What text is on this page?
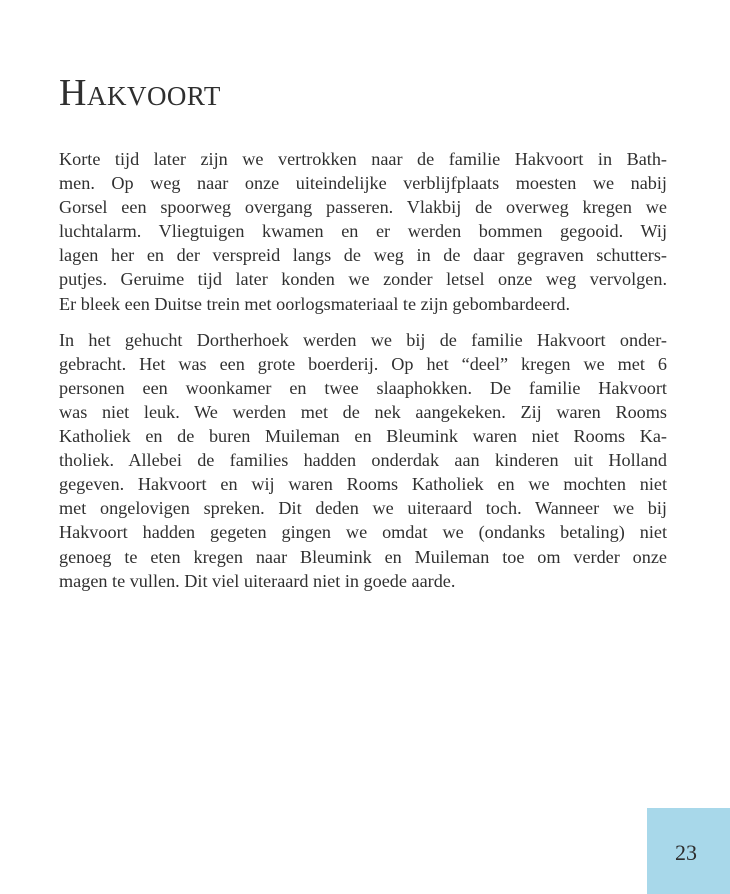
Hakvoort

Korte tijd later zijn we vertrokken naar de familie Hakvoort in Bath-
men. Op weg naar onze uiteindelijke verblijfplaats moesten we nabij
Gorsel een spoorweg overgang passeren. Vlakbij de overweg kregen we
luchtalarm. Vliegtuigen kwamen en er werden bommen gegooid. Wij
lagen her en der verspreid langs de weg in de daar gegraven schutters-
putjes. Geruime tijd later konden we zonder letsel onze weg vervolgen.
Er bleek een Duitse trein met oorlogsmateriaal te zijn gebombardeerd.

In het gehucht Dortherhoek werden we bij de familie Hakvoort onder-
gebracht. Het was een grote boerderij. Op het “deel” kregen we met 6
personen een woonkamer en twee slaaphokken. De familie Hakvoort
was niet leuk. We werden met de nek aangekeken. Zij waren Rooms
Katholiek en de buren Muileman en Bleumink waren niet Rooms Ka-
tholiek. Allebei de families hadden onderdak aan kinderen uit Holland
gegeven. Hakvoort en wij waren Rooms Katholiek en we mochten niet
met ongelovigen spreken. Dit deden we uiteraard toch. Wanneer we bij
Hakvoort hadden gegeten gingen we omdat we (ondanks betaling) niet
genoeg te eten kregen naar Bleumink en Muileman toe om verder onze
magen te vullen. Dit viel uiteraard niet in goede aarde.

23
